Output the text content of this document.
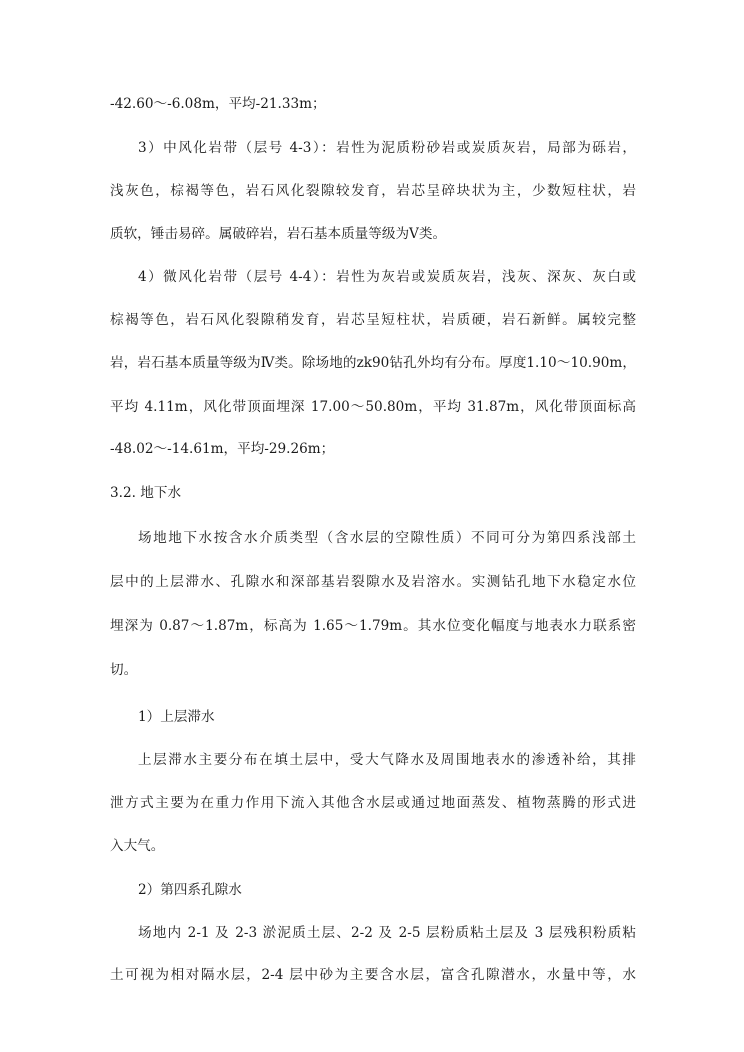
-42.60～-6.08m，平均-21.33m；
3）中风化岩带（层号 4-3）：岩性为泥质粉砂岩或炭质灰岩，局部为砾岩，
浅灰色，棕褐等色，岩石风化裂隙较发育，岩芯呈碎块状为主，少数短柱状，岩
质软，锤击易碎。属破碎岩，岩石基本质量等级为Ⅴ类。
4）微风化岩带（层号 4-4）：岩性为灰岩或炭质灰岩，浅灰、深灰、灰白或
棕褐等色，岩石风化裂隙稍发育，岩芯呈短柱状，岩质硬，岩石新鲜。属较完整
岩，岩石基本质量等级为Ⅳ类。除场地的zk90钻孔外均有分布。厚度1.10～10.90m，
平均 4.11m，风化带顶面埋深 17.00～50.80m，平均 31.87m，风化带顶面标高
-48.02～-14.61m，平均-29.26m；
3.2. 地下水
场地地下水按含水介质类型（含水层的空隙性质）不同可分为第四系浅部土
层中的上层滞水、孔隙水和深部基岩裂隙水及岩溶水。实测钻孔地下水稳定水位
埋深为 0.87～1.87m，标高为 1.65～1.79m。其水位变化幅度与地表水力联系密
切。
1）上层滞水
上层滞水主要分布在填土层中，受大气降水及周围地表水的渗透补给，其排
泄方式主要为在重力作用下流入其他含水层或通过地面蒸发、植物蒸腾的形式进
入大气。
2）第四系孔隙水
场地内 2-1 及 2-3 淤泥质土层、2-2 及 2-5 层粉质粘土层及 3 层残积粉质粘
土可视为相对隔水层，2-4 层中砂为主要含水层，富含孔隙潜水，水量中等，水
